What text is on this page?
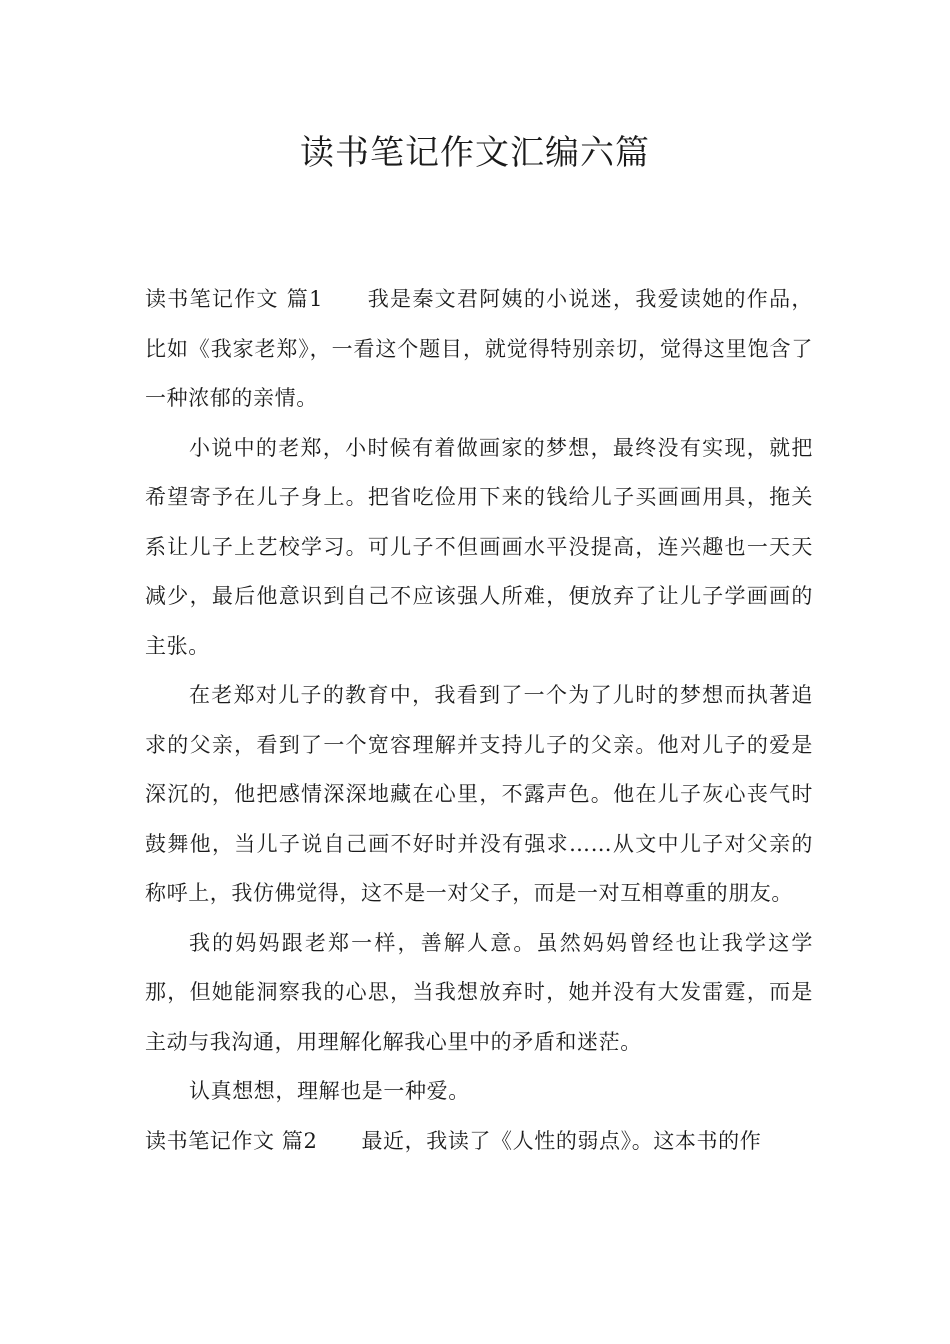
读书笔记作文汇编六篇

读书笔记作文 篇1 我是秦文君阿姨的小说迷，我爱读她的作品，比如《我家老郑》，一看这个题目，就觉得特别亲切，觉得这里饱含了一种浓郁的亲情。

小说中的老郑，小时候有着做画家的梦想，最终没有实现，就把希望寄予在儿子身上。把省吃俭用下来的钱给儿子买画画用具，拖关系让儿子上艺校学习。可儿子不但画画水平没提高，连兴趣也一天天减少，最后他意识到自己不应该强人所难，便放弃了让儿子学画画的主张。

在老郑对儿子的教育中，我看到了一个为了儿时的梦想而执著追求的父亲，看到了一个宽容理解并支持儿子的父亲。他对儿子的爱是深沉的，他把感情深深地藏在心里，不露声色。他在儿子灰心丧气时鼓舞他，当儿子说自己画不好时并没有强求……从文中儿子对父亲的称呼上，我仿佛觉得，这不是一对父子，而是一对互相尊重的朋友。

我的妈妈跟老郑一样，善解人意。虽然妈妈曾经也让我学这学那，但她能洞察我的心思，当我想放弃时，她并没有大发雷霆，而是主动与我沟通，用理解化解我心里中的矛盾和迷茫。

认真想想，理解也是一种爱。

读书笔记作文 篇2 最近，我读了《人性的弱点》。这本书的作
